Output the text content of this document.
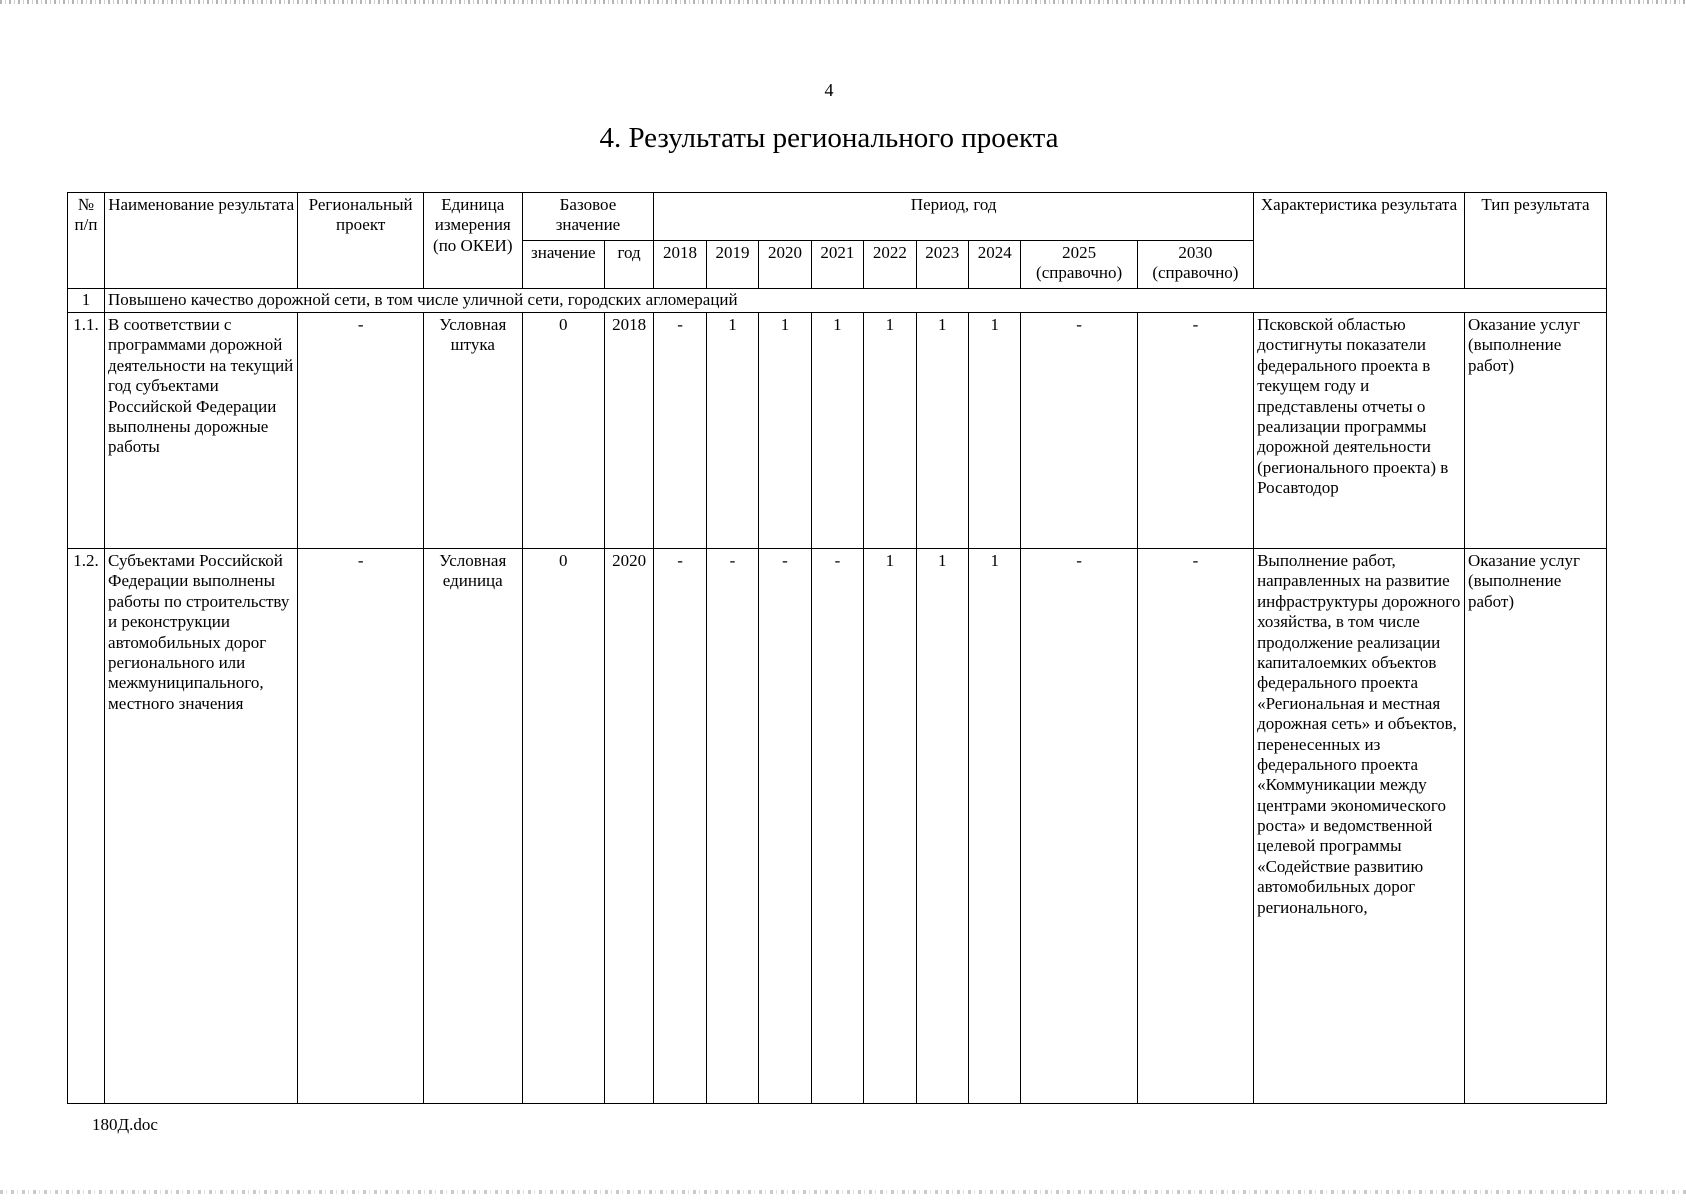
4
4. Результаты регионального проекта
№ п/п	Наименование результата	Региональный проект	Единица измерения (по ОКЕИ)	Базовое значение		Период, год									Характеристика результата	Тип результата
				значение	год	2018	2019	2020	2021	2022	2023	2024	2025 (справочно)	2030 (справочно)		
1	Повышено качество дорожной сети, в том числе уличной сети, городских агломераций															
1.1.	В соответствии с программами дорожной деятельности на текущий год субъектами Российской Федерации выполнены дорожные работы	-	Условная штука	0	2018	-	1	1	1	1	1	1	-	-	Псковской областью достигнуты показатели федерального проекта в текущем году и представлены отчеты о реализации программы дорожной деятельности (регионального проекта) в Росавтодор	Оказание услуг (выполнение работ)
1.2.	Субъектами Российской Федерации выполнены работы по строительству и реконструкции автомобильных дорог регионального или межмуниципального, местного значения	-	Условная единица	0	2020	-	-	-	-	1	1	1	-	-	Выполнение работ, направленных на развитие инфраструктуры дорожного хозяйства, в том числе продолжение реализации капиталоемких объектов федерального проекта «Региональная и местная дорожная сеть» и объектов, перенесенных из федерального проекта «Коммуникации между центрами экономического роста» и ведомственной целевой программы «Содействие развитию автомобильных дорог регионального,	Оказание услуг (выполнение работ)
180Д.doc
